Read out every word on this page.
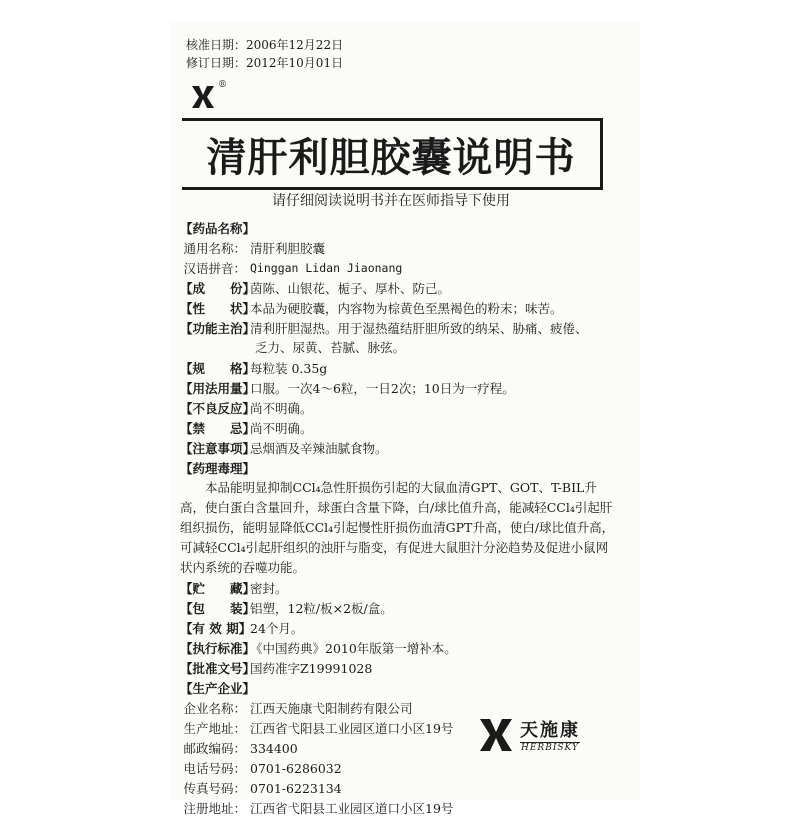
核准日期：2006年12月22日
修订日期：2012年10月01日
®
清肝利胆胶囊说明书
请仔细阅读说明书并在医师指导下使用
【药品名称】
通用名称： 清肝利胆胶囊
汉语拼音： Qinggan Lidan Jiaonang
【成　　份】
茵陈、山银花、栀子、厚朴、防己。
【性　　状】
本品为硬胶囊，内容物为棕黄色至黑褐色的粉末；味苦。
【功能主治】
清利肝胆湿热。用于湿热蕴结肝胆所致的纳呆、胁痛、疲倦、
乏力、尿黄、苔腻、脉弦。
【规　　格】
每粒装 0.35g
【用法用量】
口服。一次4～6粒，一日2次；10日为一疗程。
【不良反应】
尚不明确。
【禁　　忌】
尚不明确。
【注意事项】
忌烟酒及辛辣油腻食物。
【药理毒理】
本品能明显抑制CCl₄急性肝损伤引起的大鼠血清GPT、GOT、T-BIL升高，使白蛋白含量回升，球蛋白含量下降，白/球比值升高，能减轻CCl₄引起肝组织损伤，能明显降低CCl₄引起慢性肝损伤血清GPT升高，使白/球比值升高，可减轻CCl₄引起肝组织的浊肝与脂变，有促进大鼠胆汁分泌趋势及促进小鼠网状内系统的吞噬功能。
【贮　　藏】
密封。
【包　　装】
铝塑，12粒/板×2板/盒。
【有 效 期】
24个月。
【执行标准】
《中国药典》2010年版第一增补本。
【批准文号】
国药准字Z19991028
【生产企业】
企业名称： 江西天施康弋阳制药有限公司
生产地址： 江西省弋阳县工业园区道口小区19号
邮政编码： 334400
电话号码： 0701-6286032
传真号码： 0701-6223134
注册地址： 江西省弋阳县工业园区道口小区19号
天施康
HERBISKY
